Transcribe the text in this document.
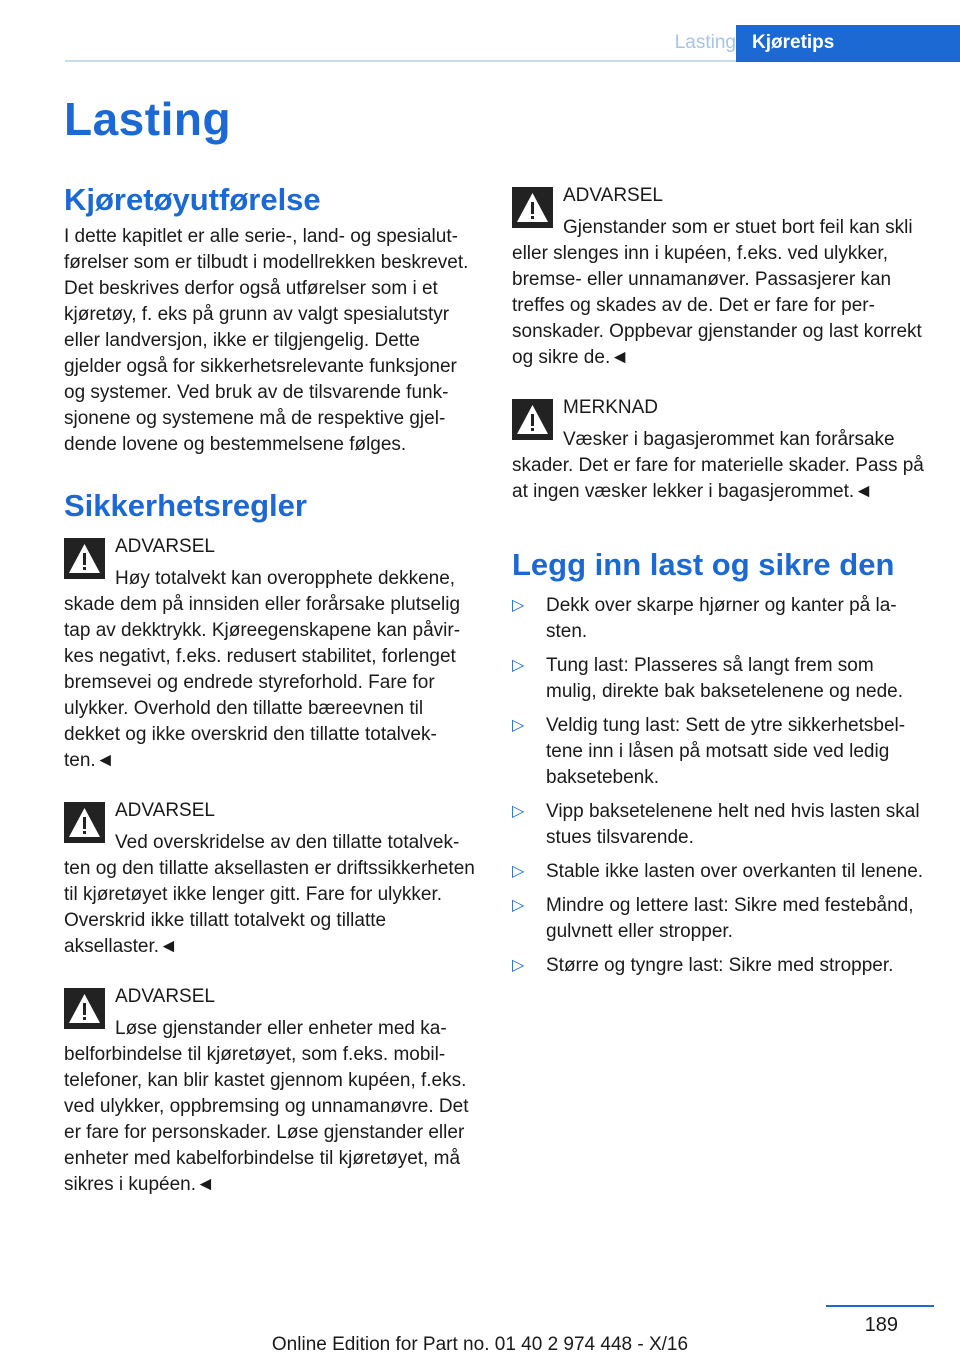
Lasting Kjøretips
Lasting
Kjøretøyutførelse

I dette kapitlet er alle serie-, land- og spesialutførelser som er tilbudt i modellrekken beskrevet. Det beskrives derfor også utførelser som i et kjøretøy, f. eks på grunn av valgt spesialutstyr eller landversjon, ikke er tilgjengelig. Dette gjelder også for sikkerhetsrelevante funksjoner og systemer. Ved bruk av de tilsvarende funksjonene og systemene må de respektive gjeldende lovene og bestemmelsene følges.

Sikkerhetsregler
ADVARSEL

Høy totalvekt kan overopphete dekkene, skade dem på innsiden eller forårsake plutselig tap av dekktrykk. Kjøreegenskapene kan påvirkes negativt, f.eks. redusert stabilitet, forlenget bremsevei og endrede styreforhold. Fare for ulykker. Overhold den tillatte bæreevnen til dekket og ikke overskrid den tillatte totalvekten.◄

ADVARSEL

Ved overskridelse av den tillatte totalvekten og den tillatte aksellasten er driftssikkerheten til kjøretøyet ikke lenger gitt. Fare for ulykker. Overskrid ikke tillatt totalvekt og tillatte aksellaster.◄

ADVARSEL

Løse gjenstander eller enheter med kabelforbindelse til kjøretøyet, som f.eks. mobiltelefoner, kan blir kastet gjennom kupéen, f.eks. ved ulykker, oppbremsing og unnamanøvre. Det er fare for personskader. Løse gjenstander eller enheter med kabelforbindelse til kjøretøyet, må sikres i kupéen.◄

ADVARSEL

Gjenstander som er stuet bort feil kan skli eller slenges inn i kupéen, f.eks. ved ulykker, bremse- eller unnamanøver. Passasjerer kan treffes og skades av de. Det er fare for personskader. Oppbevar gjenstander og last korrekt og sikre de.◄

MERKNAD

Væsker i bagasjerommet kan forårsake skader. Det er fare for materielle skader. Pass på at ingen væsker lekker i bagasjerommet.◄

Legg inn last og sikre den
▷ Dekk over skarpe hjørner og kanter på lasten.
▷ Tung last: Plasseres så langt frem som mulig, direkte bak baksetelenene og nede.
▷ Veldig tung last: Sett de ytre sikkerhetsbeltene inn i låsen på motsatt side ved ledig baksetebenk.
▷ Vipp baksetelenene helt ned hvis lasten skal stues tilsvarende.
▷ Stable ikke lasten over overkanten til lenene.
▷ Mindre og lettere last: Sikre med festebånd, gulvnett eller stropper.
▷ Større og tyngre last: Sikre med stropper.
189
Online Edition for Part no. 01 40 2 974 448 - X/16
